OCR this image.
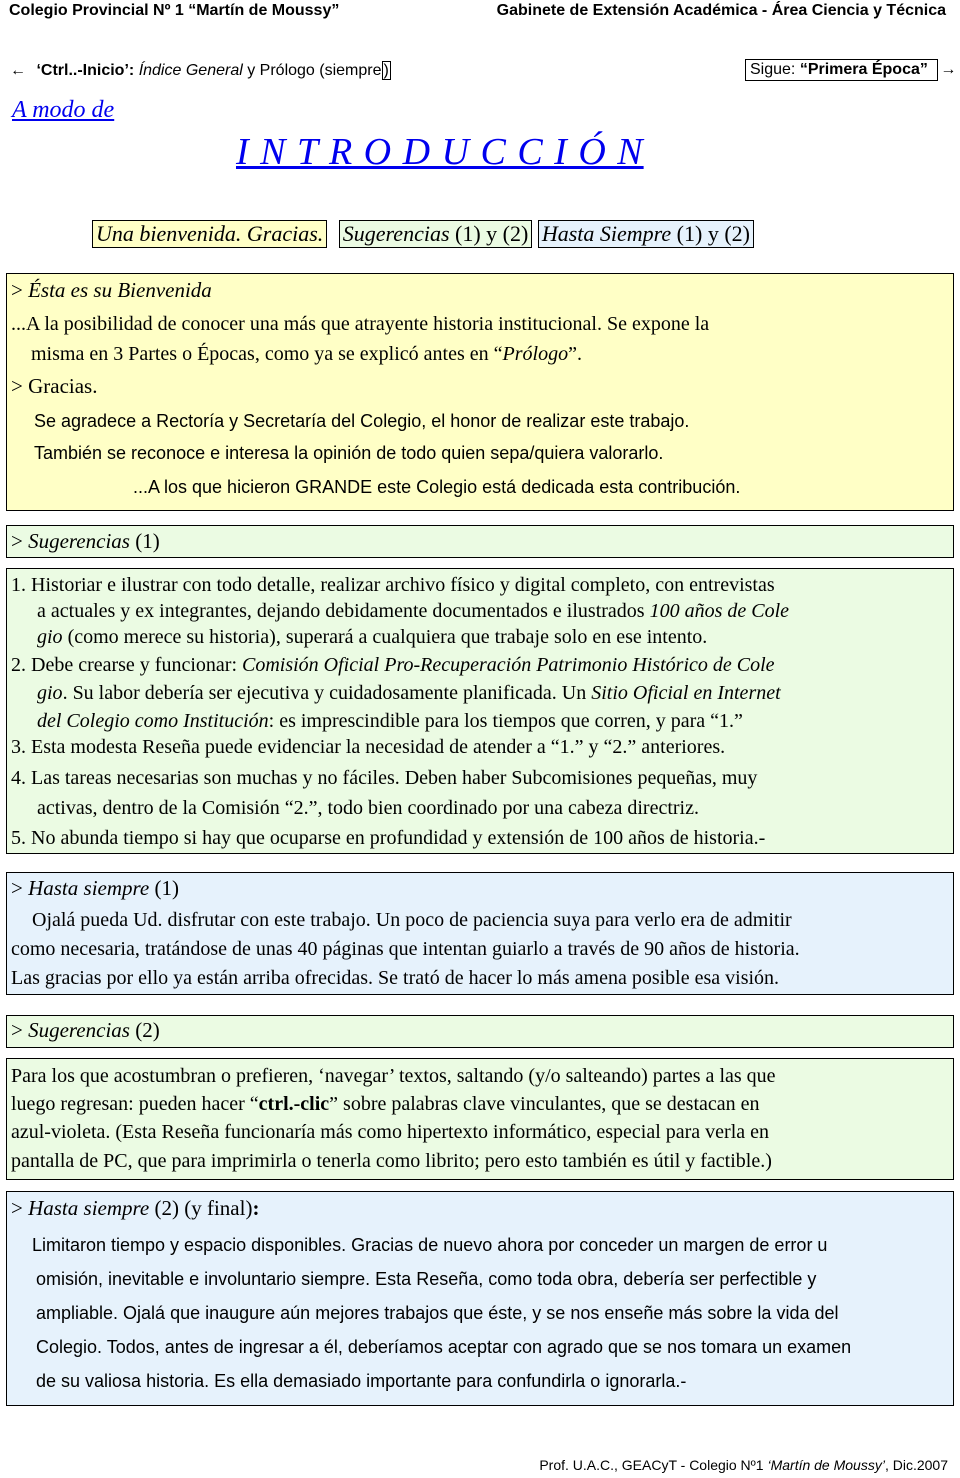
Colegio Provincial Nº 1 “Martín de Moussy”	Gabinete de Extensión Académica - Área Ciencia y Técnica
← ‘Ctrl..-Inicio’: Índice General y Prólogo (siempre )	Sigue: “Primera Época” →
A modo de
I N T R O D U C C I Ó N
Una bienvenida. Gracias. Sugerencias (1) y (2) Hasta Siempre (1) y (2)
> Ésta es su Bienvenida
...A la posibilidad de conocer una más que atrayente historia institucional. Se expone la
misma en 3 Partes o Épocas, como ya se explicó antes en “Prólogo”.
> Gracias.
Se agradece a Rectoría y Secretaría del Colegio, el honor de realizar este trabajo.
También se reconoce e interesa la opinión de todo quien sepa/quiera valorarlo.
...A los que hicieron GRANDE este Colegio está dedicada esta contribución.
> Sugerencias (1)
1. Historiar e ilustrar con todo detalle, realizar archivo físico y digital completo, con entrevistas
a actuales y ex integrantes, dejando debidamente documentados e ilustrados 100 años de Cole
gio (como merece su historia), superará a cualquiera que trabaje solo en ese intento.
2. Debe crearse y funcionar: Comisión Oficial Pro-Recuperación Patrimonio Histórico de Cole
gio. Su labor debería ser ejecutiva y cuidadosamente planificada. Un Sitio Oficial en Internet
del Colegio como Institución: es imprescindible para los tiempos que corren, y para “1.”
3. Esta modesta Reseña puede evidenciar la necesidad de atender a “1.” y “2.” anteriores.
4. Las tareas necesarias son muchas y no fáciles. Deben haber Subcomisiones pequeñas, muy
activas, dentro de la Comisión “2.”, todo bien coordinado por una cabeza directriz.
5. No abunda tiempo si hay que ocuparse en profundidad y extensión de 100 años de historia.-
> Hasta siempre (1)
Ojalá pueda Ud. disfrutar con este trabajo. Un poco de paciencia suya para verlo era de admitir
como necesaria, tratándose de unas 40 páginas que intentan guiarlo a través de 90 años de historia.
Las gracias por ello ya están arriba ofrecidas. Se trató de hacer lo más amena posible esa visión.
> Sugerencias (2)
Para los que acostumbran o prefieren, ‘navegar’ textos, saltando (y/o salteando) partes a las que
luego regresan: pueden hacer “ctrl.-clic” sobre palabras clave vinculantes, que se destacan en
azul-violeta. (Esta Reseña funcionaría más como hipertexto informático, especial para verla en
pantalla de PC, que para imprimirla o tenerla como librito; pero esto también es útil y factible.)
> Hasta siempre (2) (y final):
Limitaron tiempo y espacio disponibles. Gracias de nuevo ahora por conceder un margen de error u
omisión, inevitable e involuntario siempre. Esta Reseña, como toda obra, debería ser perfectible y
ampliable. Ojalá que inaugure aún mejores trabajos que éste, y se nos enseñe más sobre la vida del
Colegio. Todos, antes de ingresar a él, deberíamos aceptar con agrado que se nos tomara un examen
de su valiosa historia. Es ella demasiado importante para confundirla o ignorarla.-
Prof. U.A.C., GEACyT - Colegio Nº1 ‘Martín de Moussy’, Dic.2007
